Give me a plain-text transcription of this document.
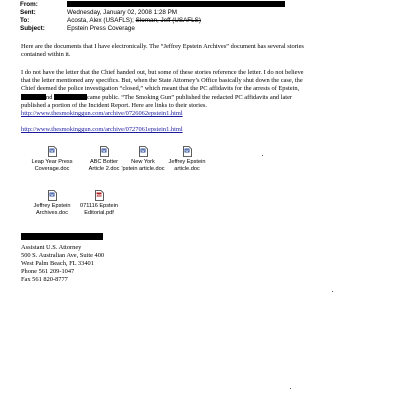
From:
Sent:	Wednesday, January 02, 2008 1:28 PM
To:	Acosta, Alex (USAFLS); Sloman, Jeff (USAFLS)
Subject:	Epstein Press Coverage
Here are the documents that I have electronically. The “Jeffrey Epstein Archives” document has several stories
contained within it.
I do not have the letter that the Chief handed out, but some of these stories reference the letter. I do not believe
that the letter mentioned any specifics. But, when the State Attorney’s Office basically shut down the case, the
Chief deemed the police investigation “closed,” which meant that the PC affidavits for the arrests of Epstein,
nd	came public. “The Smoking Gun” published the redacted PC affidavits and later
published a portion of the Incident Report. Here are links to their stories.
http://www.thesmokinggun.com/archive/0726062epstein1.html
http://www.thesmokinggun.com/archive/0727061epstein1.html
W
Leap Year Press
Coverage.doc
W
ABC Botter
Article 2.doc
W
New York
'pstein article.doc
W
Jeffrey Epstein
article.doc
W
Jeffrey Epstein
Archives.doc
PDF
071116 Epstein
Editorial.pdf
Assistant U.S. Attorney
500 S. Australian Ave, Suite 400
West Palm Beach, FL 33401
Phone 561 209-1047
Fax 561 820-8777
